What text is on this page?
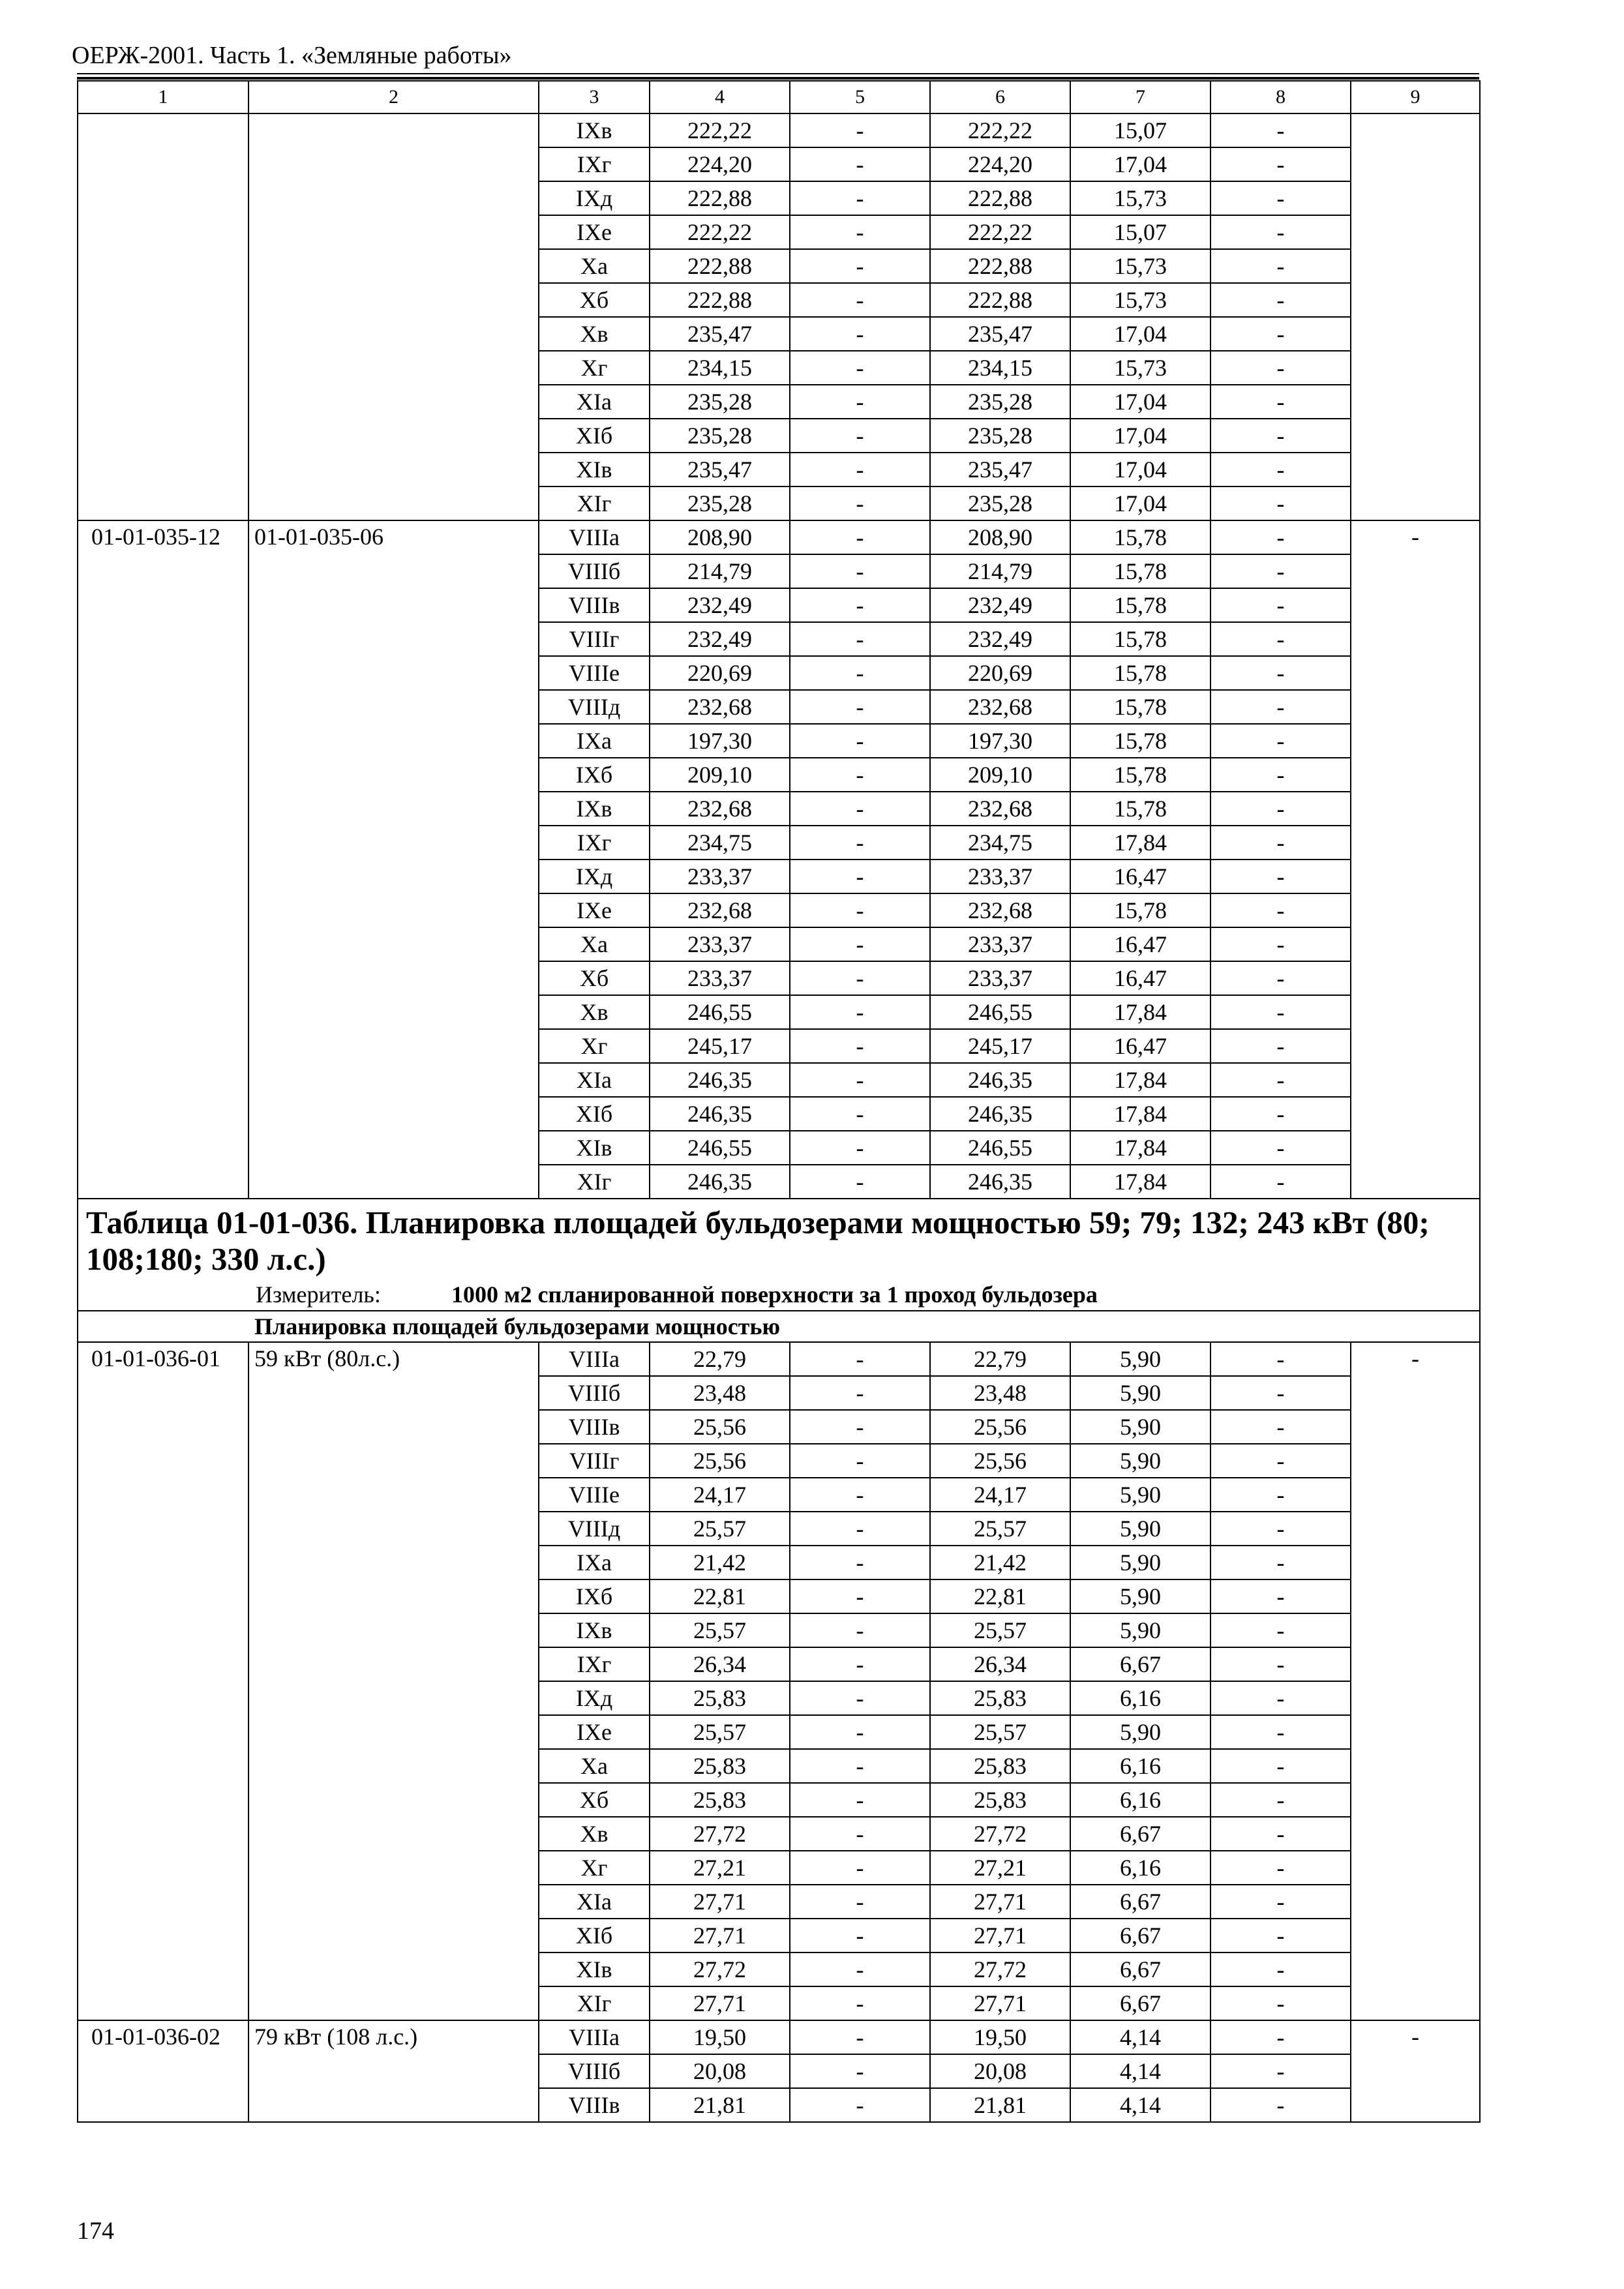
ОЕРЖ-2001. Часть 1. «Земляные работы»
1	2	3	4	5	6	7	8	9
		IXв	222,22	-	222,22	15,07	-	
		IXг	224,20	-	224,20	17,04	-	
		IXд	222,88	-	222,88	15,73	-	
		IXе	222,22	-	222,22	15,07	-	
		Xа	222,88	-	222,88	15,73	-	
		Xб	222,88	-	222,88	15,73	-	
		Xв	235,47	-	235,47	17,04	-	
		Xг	234,15	-	234,15	15,73	-	
		XIа	235,28	-	235,28	17,04	-	
		XIб	235,28	-	235,28	17,04	-	
		XIв	235,47	-	235,47	17,04	-	
		XIг	235,28	-	235,28	17,04	-	
01-01-035-12	01-01-035-06	VIIIа	208,90	-	208,90	15,78	-	-
		VIIIб	214,79	-	214,79	15,78	-	
		VIIIв	232,49	-	232,49	15,78	-	
		VIIIг	232,49	-	232,49	15,78	-	
		VIIIе	220,69	-	220,69	15,78	-	
		VIIIд	232,68	-	232,68	15,78	-	
		IXа	197,30	-	197,30	15,78	-	
		IXб	209,10	-	209,10	15,78	-	
		IXв	232,68	-	232,68	15,78	-	
		IXг	234,75	-	234,75	17,84	-	
		IXд	233,37	-	233,37	16,47	-	
		IXе	232,68	-	232,68	15,78	-	
		Xа	233,37	-	233,37	16,47	-	
		Xб	233,37	-	233,37	16,47	-	
		Xв	246,55	-	246,55	17,84	-	
		Xг	245,17	-	245,17	16,47	-	
		XIа	246,35	-	246,35	17,84	-	
		XIб	246,35	-	246,35	17,84	-	
		XIв	246,55	-	246,55	17,84	-	
		XIг	246,35	-	246,35	17,84	-	

Таблица 01-01-036. Планировка площадей бульдозерами мощностью 59; 79; 132; 243 кВт (80; 108;180; 330 л.с.)
Измеритель: 1000 м2 спланированной поверхности за 1 проход бульдозера								

Планировка площадей бульдозерами мощностью								
01-01-036-01	59 кВт (80л.с.)	VIIIа	22,79	-	22,79	5,90	-	-
		VIIIб	23,48	-	23,48	5,90	-	
		VIIIв	25,56	-	25,56	5,90	-	
		VIIIг	25,56	-	25,56	5,90	-	
		VIIIе	24,17	-	24,17	5,90	-	
		VIIIд	25,57	-	25,57	5,90	-	
		IXа	21,42	-	21,42	5,90	-	
		IXб	22,81	-	22,81	5,90	-	
		IXв	25,57	-	25,57	5,90	-	
		IXг	26,34	-	26,34	6,67	-	
		IXд	25,83	-	25,83	6,16	-	
		IXе	25,57	-	25,57	5,90	-	
		Xа	25,83	-	25,83	6,16	-	
		Xб	25,83	-	25,83	6,16	-	
		Xв	27,72	-	27,72	6,67	-	
		Xг	27,21	-	27,21	6,16	-	
		XIа	27,71	-	27,71	6,67	-	
		XIб	27,71	-	27,71	6,67	-	
		XIв	27,72	-	27,72	6,67	-	
		XIг	27,71	-	27,71	6,67	-	
01-01-036-02	79 кВт (108 л.с.)	VIIIа	19,50	-	19,50	4,14	-	-
		VIIIб	20,08	-	20,08	4,14	-	
		VIIIв	21,81	-	21,81	4,14	-	
174
